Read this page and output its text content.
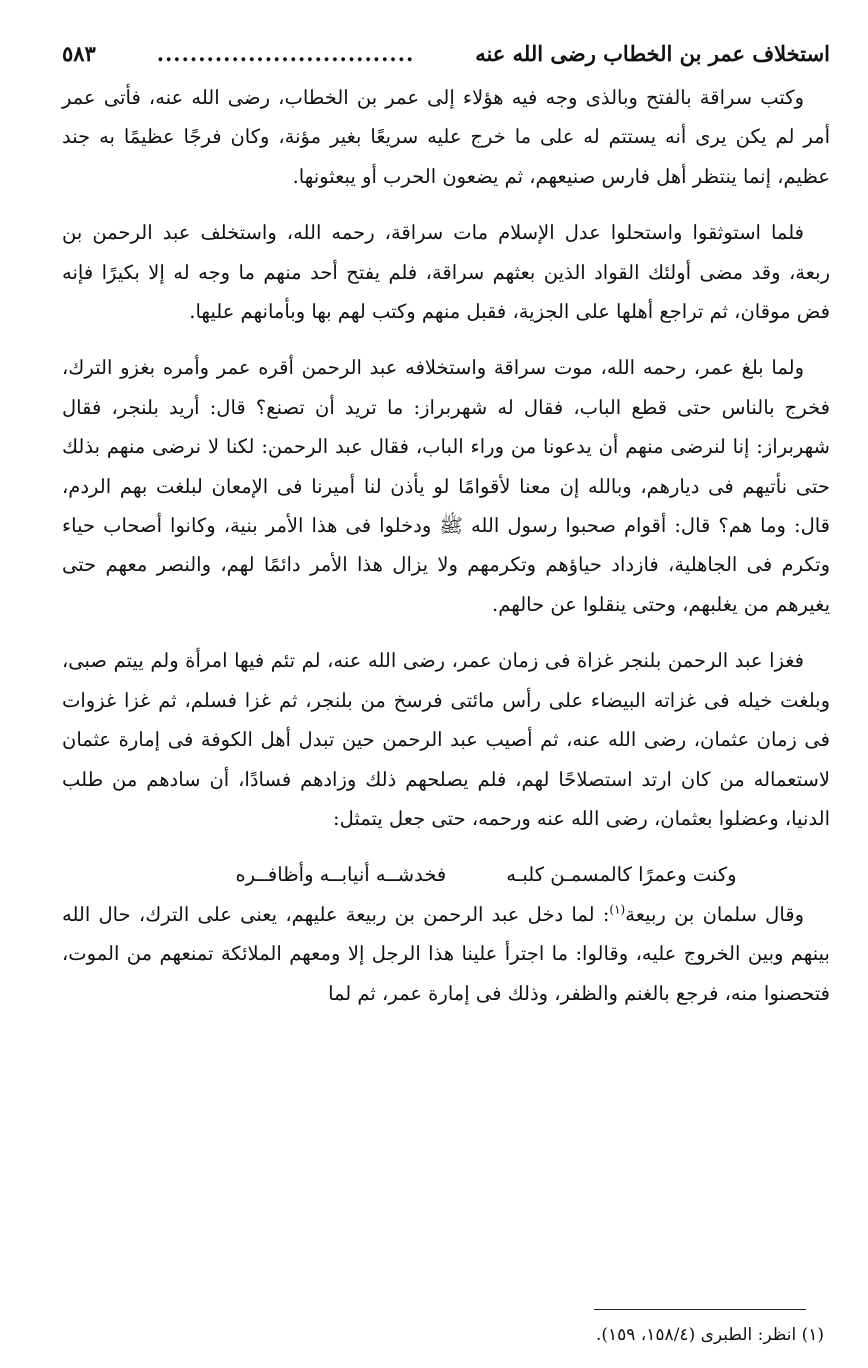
استخلاف عمر بن الخطاب رضى الله عنه
...............................
٥٨٣

وكتب سراقة بالفتح وبالذى وجه فيه هؤلاء إلى عمر بن الخطاب، رضى الله عنه، فأتى عمر أمر لم يكن يرى أنه يستتم له على ما خرج عليه سريعًا بغير مؤنة، وكان فرجًا عظيمًا به جند عظيم، إنما ينتظر أهل فارس صنيعهم، ثم يضعون الحرب أو يبعثونها.

فلما استوثقوا واستحلوا عدل الإسلام مات سراقة، رحمه الله، واستخلف عبد الرحمن بن ربعة، وقد مضى أولئك القواد الذين بعثهم سراقة، فلم يفتح أحد منهم ما وجه له إلا بكيرًا فإنه فض موقان، ثم تراجع أهلها على الجزية، فقبل منهم وكتب لهم بها وبأمانهم عليها.

ولما بلغ عمر، رحمه الله، موت سراقة واستخلافه عبد الرحمن أقره عمر وأمره بغزو الترك، فخرج بالناس حتى قطع الباب، فقال له شهربراز: ما تريد أن تصنع؟ قال: أريد بلنجر، فقال شهربراز: إنا لنرضى منهم أن يدعونا من وراء الباب، فقال عبد الرحمن: لكنا لا نرضى منهم بذلك حتى نأتيهم فى ديارهم، وبالله إن معنا لأقوامًا لو يأذن لنا أميرنا فى الإمعان لبلغت بهم الردم، قال: وما هم؟ قال: أقوام صحبوا رسول الله ﷺ ودخلوا فى هذا الأمر بنية، وكانوا أصحاب حياء وتكرم فى الجاهلية، فازداد حياؤهم وتكرمهم ولا يزال هذا الأمر دائمًا لهم، والنصر معهم حتى يغيرهم من يغلبهم، وحتى ينقلوا عن حالهم.

فغزا عبد الرحمن بلنجر غزاة فى زمان عمر، رضى الله عنه، لم تئم فيها امرأة ولم ييتم صبى، وبلغت خيله فى غزاته البيضاء على رأس مائتى فرسخ من بلنجر، ثم غزا فسلم، ثم غزا غزوات فى زمان عثمان، رضى الله عنه، ثم أصيب عبد الرحمن حين تبدل أهل الكوفة فى إمارة عثمان لاستعماله من كان ارتد استصلاحًا لهم، فلم يصلحهم ذلك وزادهم فسادًا، أن سادهم من طلب الدنيا، وعضلوا بعثمان، رضى الله عنه ورحمه، حتى جعل يتمثل:

وكنت وعمرًا كالمسمـن كلبـه
فخدشــه أنيابــه وأظافــره

وقال سلمان بن ربيعة$^{(١)}$: لما دخل عبد الرحمن بن ربيعة عليهم، يعنى على الترك، حال الله بينهم وبين الخروج عليه، وقالوا: ما اجترأ علينا هذا الرجل إلا ومعهم الملائكة تمنعهم من الموت، فتحصنوا منه، فرجع بالغنم والظفر، وذلك فى إمارة عمر، ثم لما

(١) انظر: الطبرى (١٥٨/٤، ١٥٩).
